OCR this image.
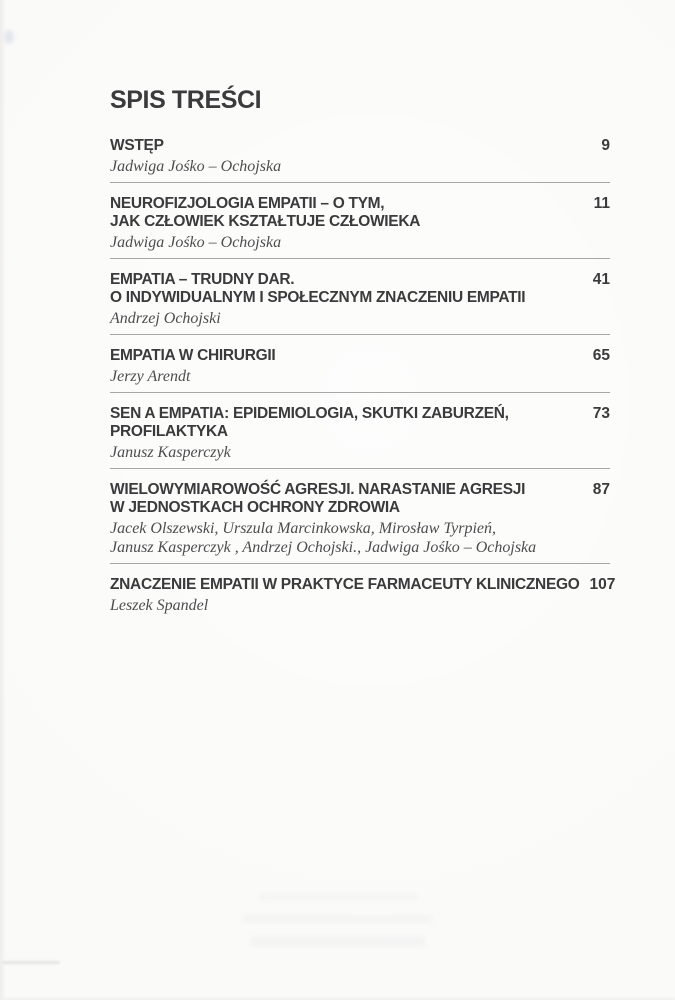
SPIS TREŚCI
WSTĘP	9
Jadwiga Jośko – Ochojska
NEUROFIZJOLOGIA EMPATII – O TYM,
JAK CZŁOWIEK KSZTAŁTUJE CZŁOWIEKA
11
Jadwiga Jośko – Ochojska
EMPATIA – TRUDNY DAR.
O INDYWIDUALNYM I SPOŁECZNYM ZNACZENIU EMPATII
41
Andrzej Ochojski
EMPATIA W CHIRURGII	65
Jerzy Arendt
SEN A EMPATIA: EPIDEMIOLOGIA, SKUTKI ZABURZEŃ,
PROFILAKTYKA
73
Janusz Kasperczyk
WIELOWYMIAROWOŚĆ AGRESJI. NARASTANIE AGRESJI
W JEDNOSTKACH OCHRONY ZDROWIA
87
Jacek Olszewski, Urszula Marcinkowska, Mirosław Tyrpień,
Janusz Kasperczyk , Andrzej Ochojski., Jadwiga Jośko – Ochojska
ZNACZENIE EMPATII W PRAKTYCE FARMACEUTY KLINICZNEGO 107
Leszek Spandel
